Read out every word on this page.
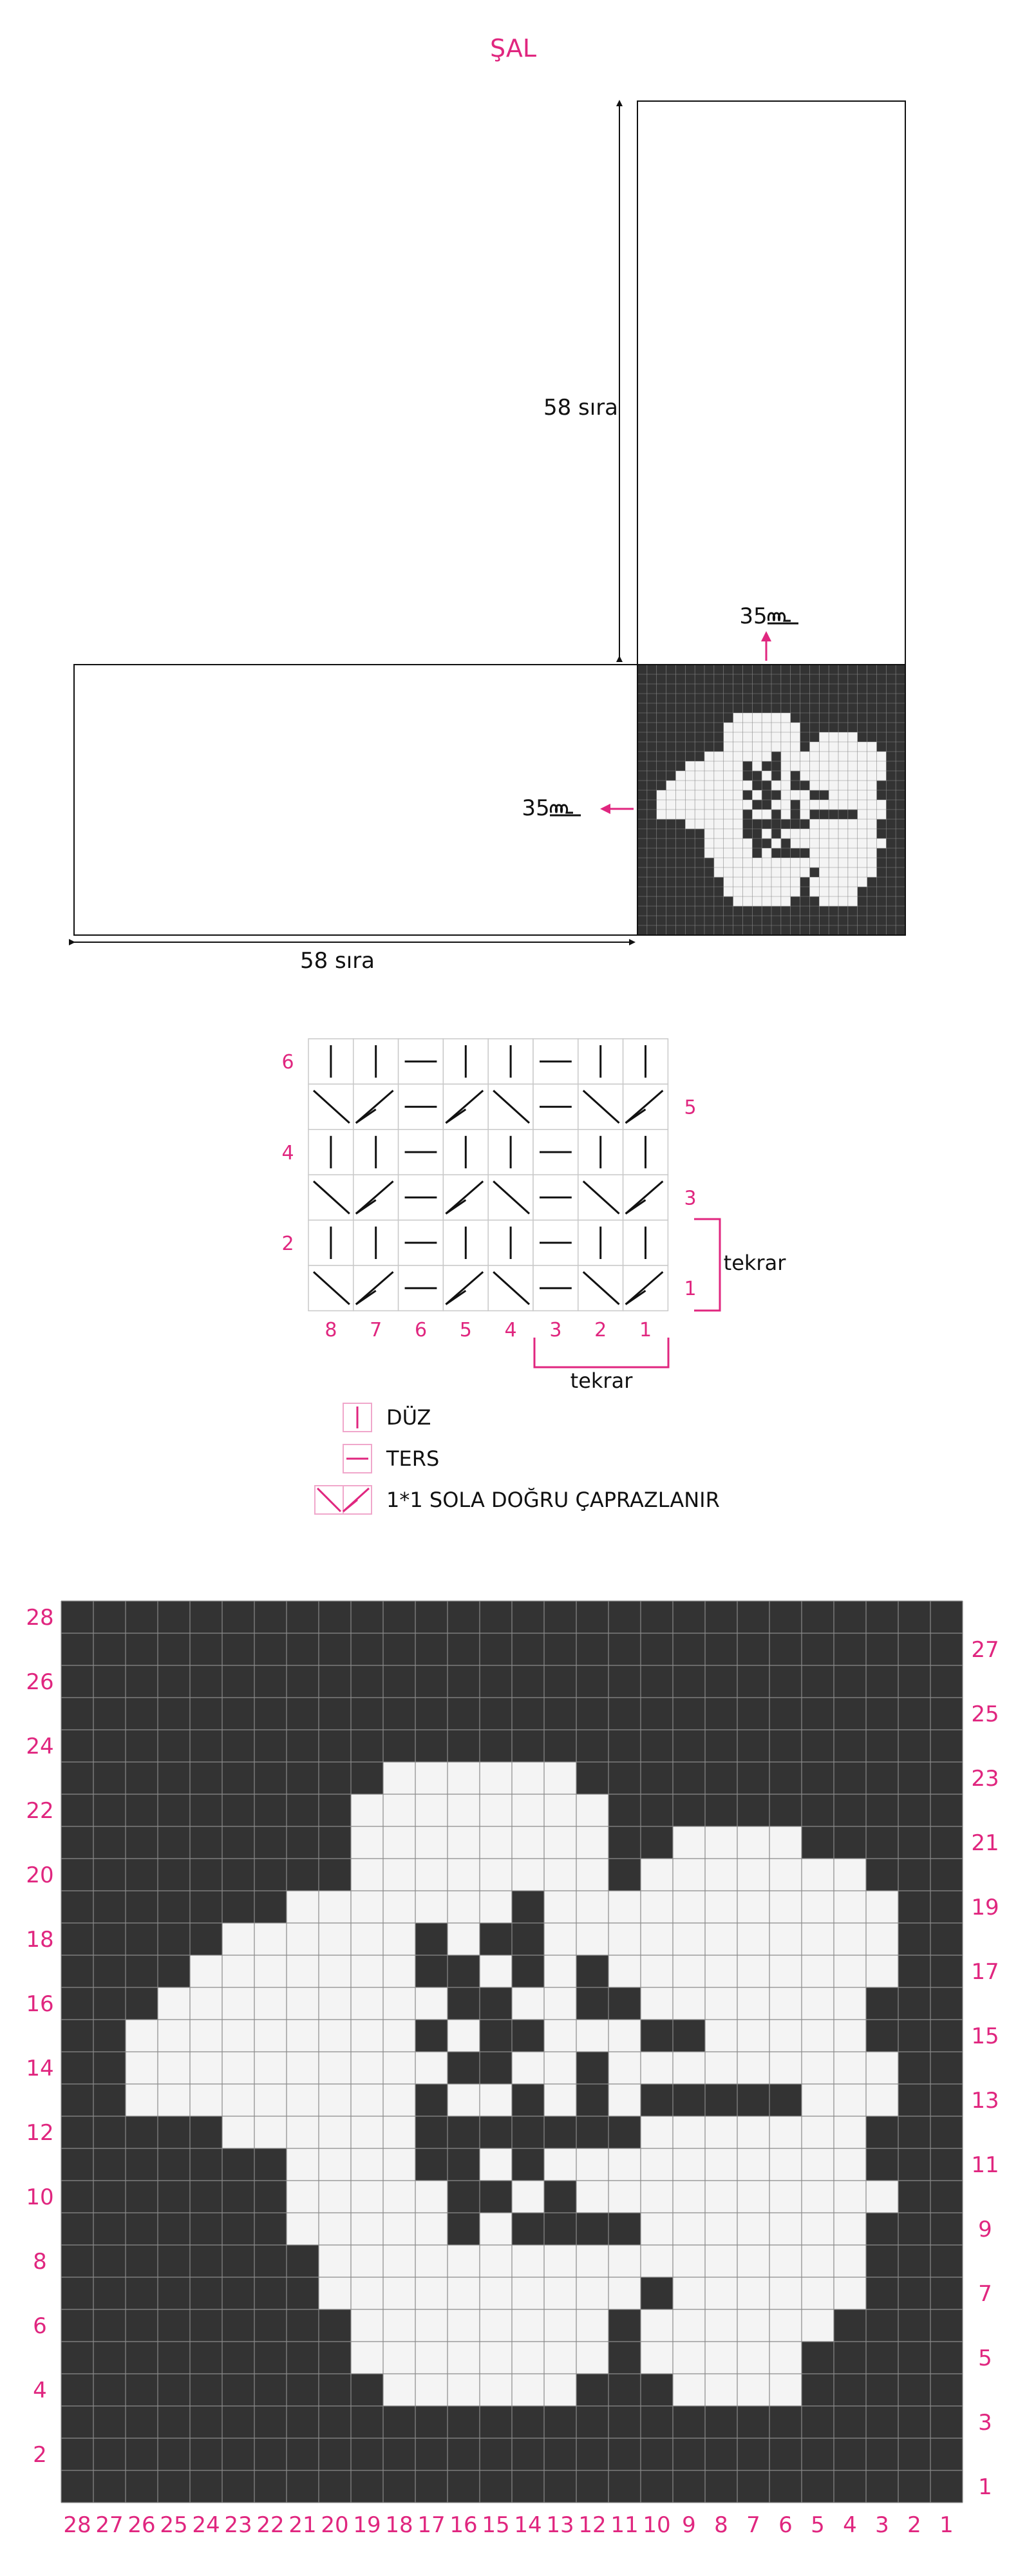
ŞAL
58 sıra
58 sıra
35
35
8 7 6 5 4 3 2 1
6
4
2
5
3
1
tekrar
tekrar
DÜZ
TERS
1*1 SOLA DOĞRU ÇAPRAZLANIR
28 27 26 25 24 23 22 21 20 19 18 17 16 15 14 13 12 11 10 9 8 7 6 5 4 3 2 1
28
26
24
22
20
18
16
14
12
10
8
6
4
2
27
25
23
21
19
17
15
13
11
9
7
5
3
1
